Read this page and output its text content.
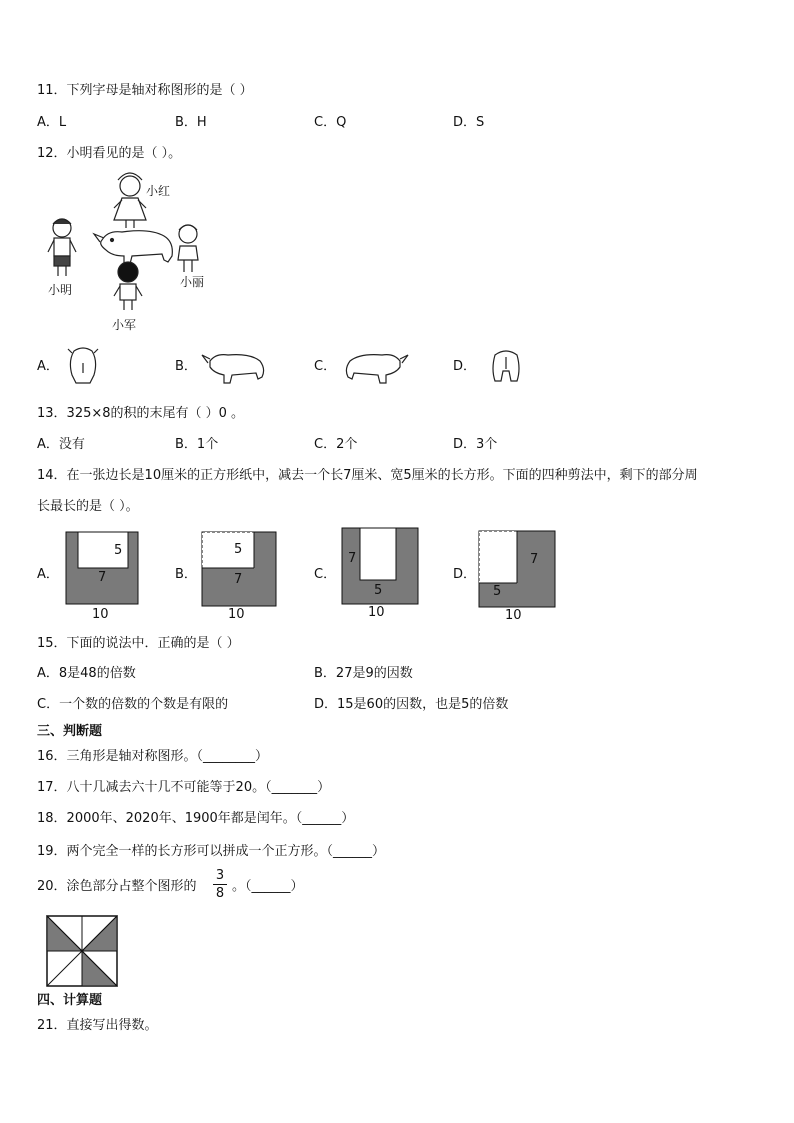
11．下列字母是轴对称图形的是（ ）
A．L	B．H	C．Q	D．S
12．小明看见的是（ ）。
小红
小明
小丽
小军
A．	B．	C．	D．
13．325×8的积的末尾有（ ）0 。
A．没有	B．1个	C．2个	D．3个
14．在一张边长是10厘米的正方形纸中，减去一个长7厘米、宽5厘米的长方形。下面的四种剪法中，剩下的部分周
长最长的是（ ）。
A．
5
7
10
B．
5
7
10
C．
7
5
10
D．
7
5
10
15．下面的说法中．正确的是（ ）
A．8是48的倍数	B．27是9的因数
C．一个数的倍数的个数是有限的	D．15是60的因数，也是5的倍数
三、判断题
16．三角形是轴对称图形。（________）
17．八十几减去六十几不可能等于20。（_______）
18．2000年、2020年、1900年都是闰年。（______）
19．两个完全一样的长方形可以拼成一个正方形。（______）
20．涂色部分占整个图形的
3
8 。（______）
四、计算题
21．直接写出得数。
